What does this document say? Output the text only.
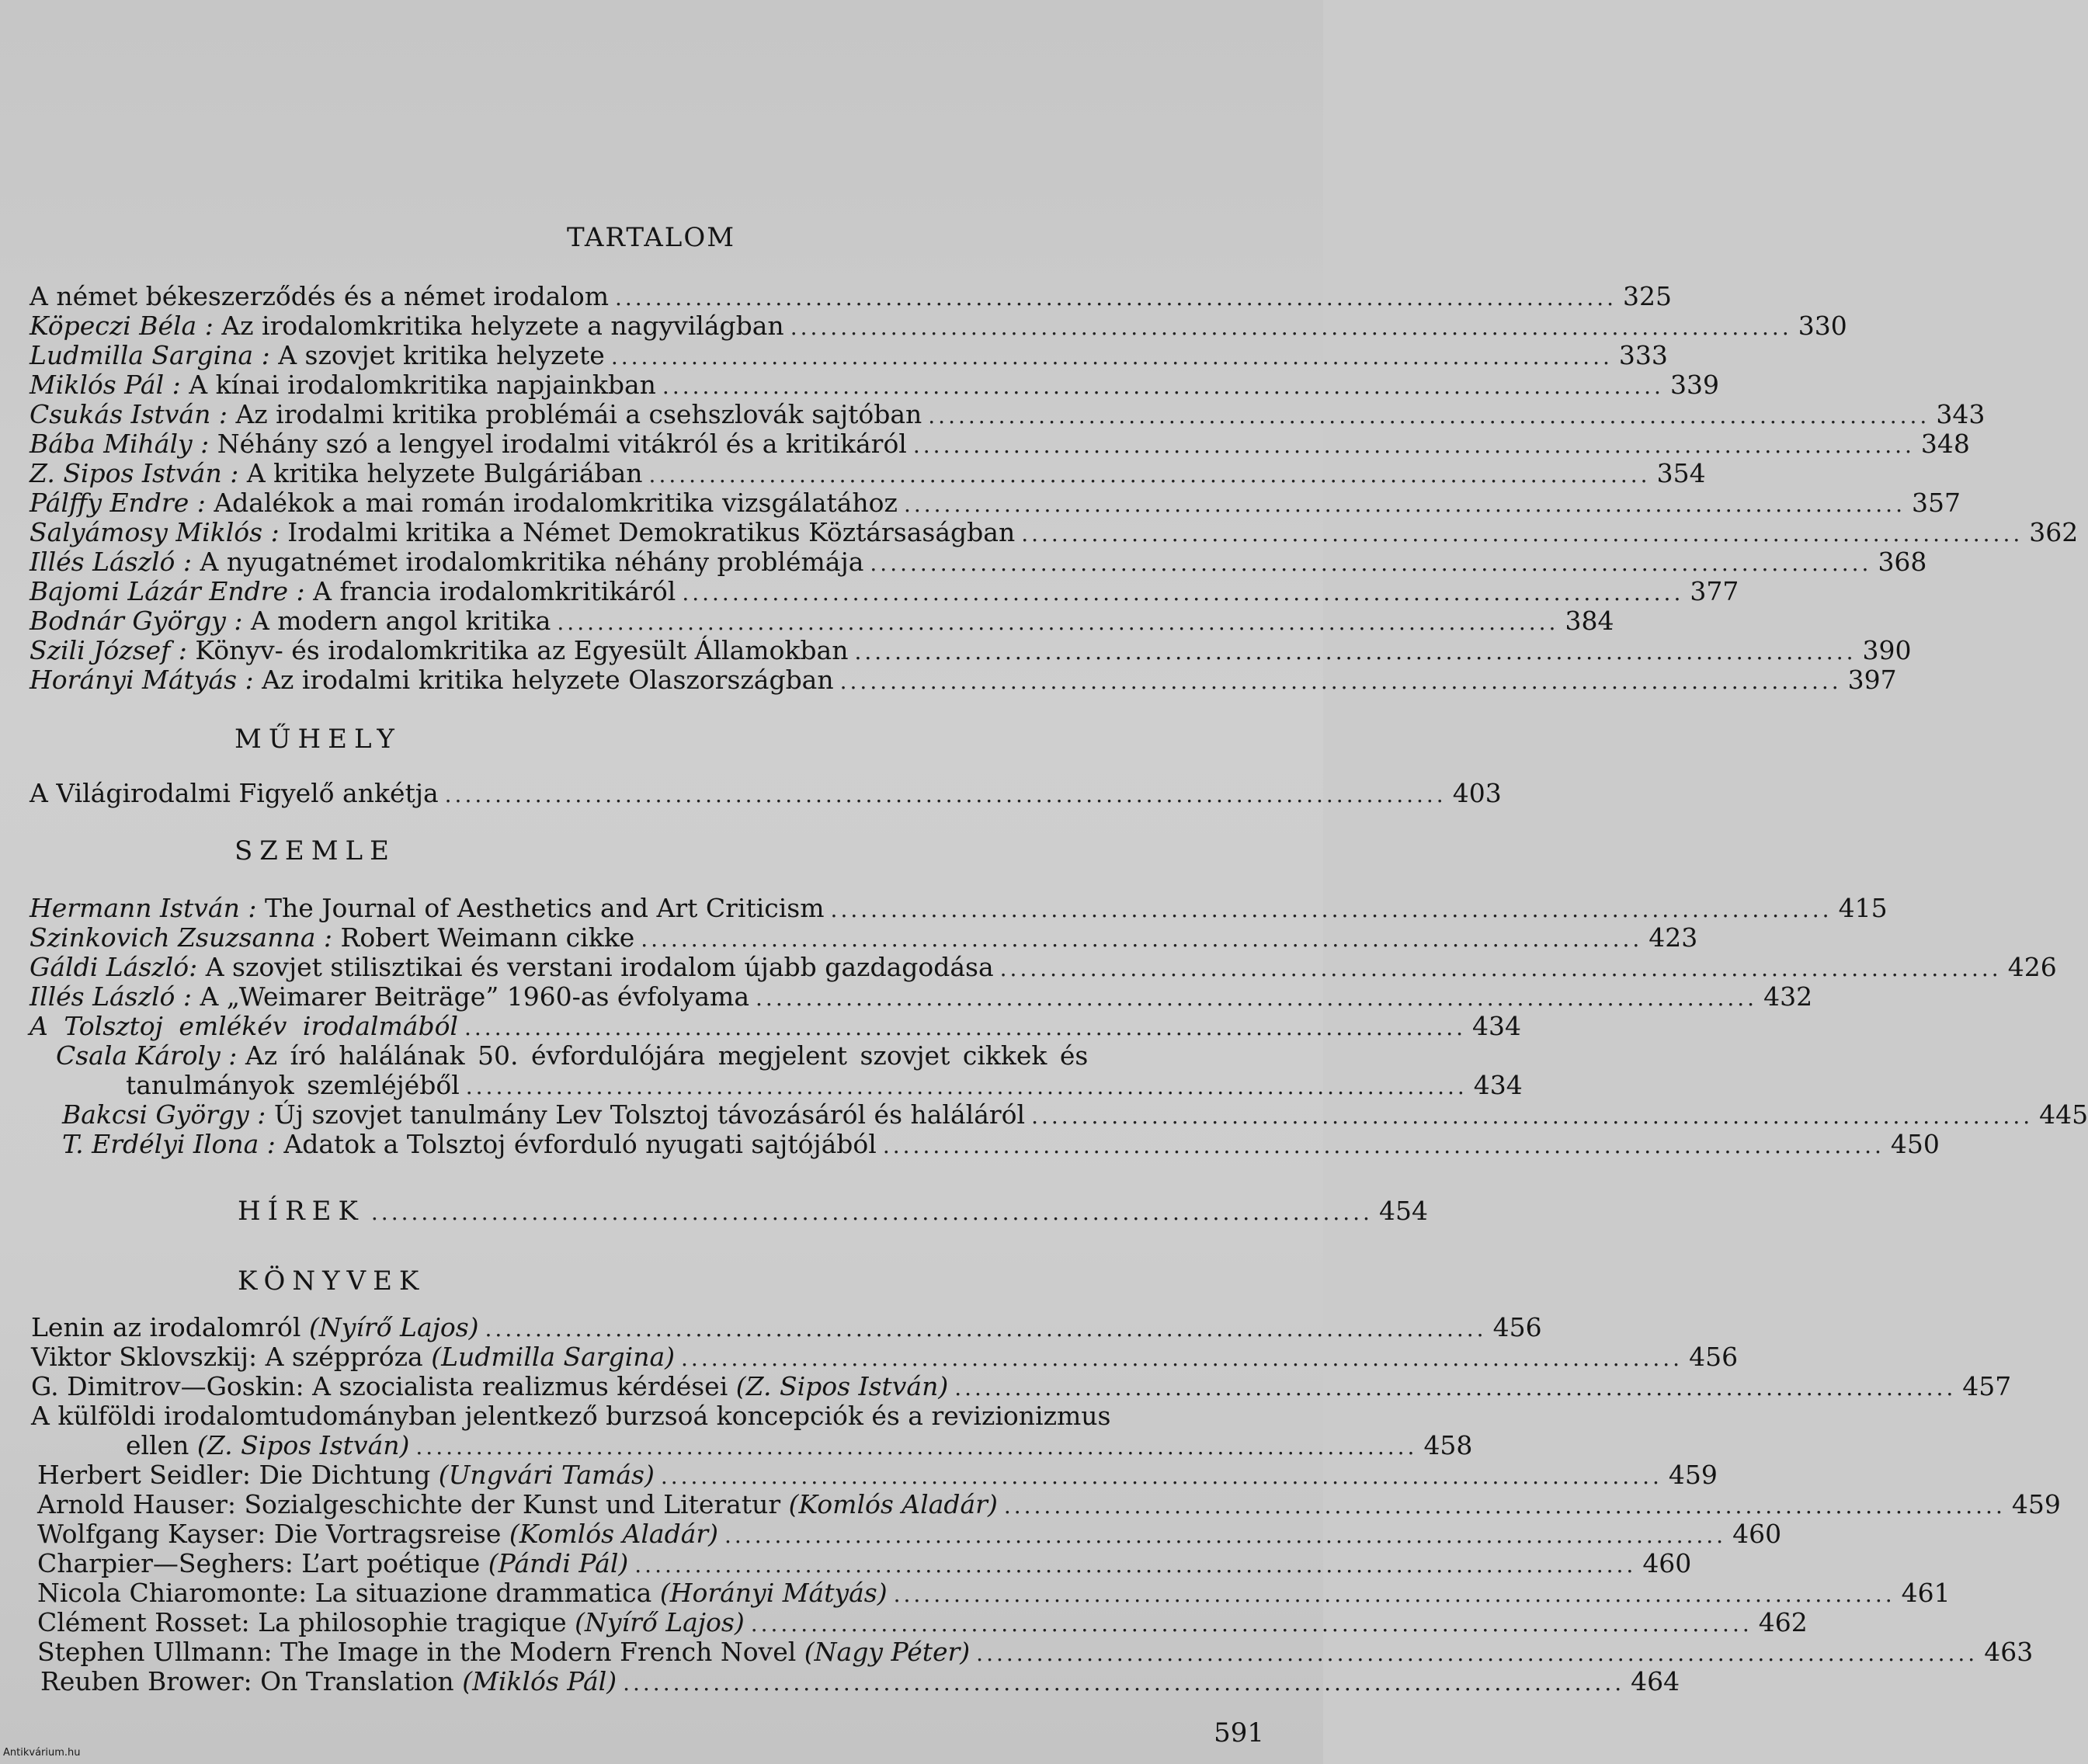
TARTALOM
A német békeszerződés és a német irodalom .................................................................................................... 325
Köpeczi Béla :
Az irodalomkritika helyzete a nagyvilágban .................................................................................................... 330
Ludmilla Sargina :
A szovjet kritika helyzete .................................................................................................... 333
Miklós Pál :
A kínai irodalomkritika napjainkban .................................................................................................... 339
Csukás István :
Az irodalmi kritika problémái a csehszlovák sajtóban .................................................................................................... 343
Bába Mihály :
Néhány szó a lengyel irodalmi vitákról és a kritikáról .................................................................................................... 348
Z. Sipos István :
A kritika helyzete Bulgáriában .................................................................................................... 354
Pálffy Endre :
Adalékok a mai román irodalomkritika vizsgálatához .................................................................................................... 357
Salyámosy Miklós :
Irodalmi kritika a Német Demokratikus Köztársaságban .................................................................................................... 362
Illés László :
A nyugatnémet irodalomkritika néhány problémája .................................................................................................... 368
Bajomi Lázár Endre :
A francia irodalomkritikáról .................................................................................................... 377
Bodnár György :
A modern angol kritika .................................................................................................... 384
Szili József :
Könyv- és irodalomkritika az Egyesült Államokban .................................................................................................... 390
Horányi Mátyás :
Az irodalmi kritika helyzete Olaszországban .................................................................................................... 397
MŰHELY
A Világirodalmi Figyelő ankétja .................................................................................................... 403
SZEMLE
Hermann István :
The Journal of Aesthetics and Art Criticism .................................................................................................... 415
Szinkovich Zsuzsanna :
Robert Weimann cikke .................................................................................................... 423
Gáldi László:
A szovjet stilisztikai és verstani irodalom újabb gazdagodása .................................................................................................... 426
Illés László :
A „Weimarer Beiträge” 1960-as évfolyama .................................................................................................... 432
A Tolsztoj emlékév irodalmából .................................................................................................... 434
Csala Károly :
Az író halálának 50. évfordulójára megjelent szovjet cikkek és
tanulmányok szemléjéből .................................................................................................... 434
Bakcsi György :
Új szovjet tanulmány Lev Tolsztoj távozásáról és haláláról .................................................................................................... 445
T. Erdélyi Ilona :
Adatok a Tolsztoj évforduló nyugati sajtójából .................................................................................................... 450
HÍREK .................................................................................................... 454
KÖNYVEK
Lenin az irodalomról
(Nyírő Lajos) .................................................................................................... 456
Viktor Sklovszkij: A széppróza
(Ludmilla Sargina) .................................................................................................... 456
G. Dimitrov—Goskin: A szocialista realizmus kérdései
(Z. Sipos István) .................................................................................................... 457
A külföldi irodalomtudományban jelentkező burzsoá koncepciók és a revizionizmus
ellen
(Z. Sipos István) .................................................................................................... 458
Herbert Seidler: Die Dichtung
(Ungvári Tamás) .................................................................................................... 459
Arnold Hauser: Sozialgeschichte der Kunst und Literatur
(Komlós Aladár) .................................................................................................... 459
Wolfgang Kayser: Die Vortragsreise
(Komlós Aladár) .................................................................................................... 460
Charpier—Seghers: L’art poétique
(Pándi Pál) .................................................................................................... 460
Nicola Chiaromonte: La situazione drammatica
(Horányi Mátyás) .................................................................................................... 461
Clément Rosset: La philosophie tragique
(Nyírő Lajos) .................................................................................................... 462
Stephen Ullmann: The Image in the Modern French Novel
(Nagy Péter) .................................................................................................... 463
Reuben Brower: On Translation
(Miklós Pál) .................................................................................................... 464
591
Antikvárium.hu
